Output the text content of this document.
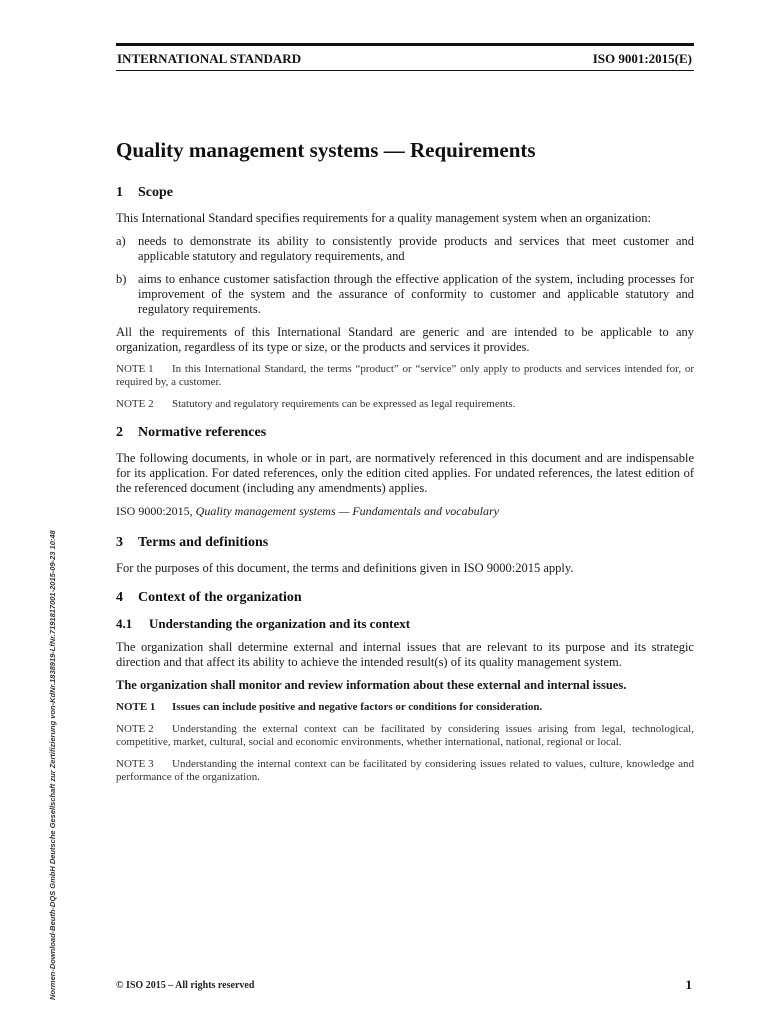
INTERNATIONAL STANDARD	ISO 9001:2015(E)
Normen-Download-Beuth-DQS GmbH Deutsche Gesellschaft zur Zertifizierung von-KdNr.1838919-LfNr.7191817001-2015-09-23 10:48
Quality management systems — Requirements
1 Scope

This International Standard specifies requirements for a quality management system when an organization:

a) needs to demonstrate its ability to consistently provide products and services that meet customer and applicable statutory and regulatory requirements, and
b) aims to enhance customer satisfaction through the effective application of the system, including processes for improvement of the system and the assurance of conformity to customer and applicable statutory and regulatory requirements.

All the requirements of this International Standard are generic and are intended to be applicable to any organization, regardless of its type or size, or the products and services it provides.

NOTE 1 In this International Standard, the terms “product” or “service” only apply to products and services intended for, or required by, a customer.
NOTE 2 Statutory and regulatory requirements can be expressed as legal requirements.
2 Normative references

The following documents, in whole or in part, are normatively referenced in this document and are indispensable for its application. For dated references, only the edition cited applies. For undated references, the latest edition of the referenced document (including any amendments) applies.

ISO 9000:2015, Quality management systems — Fundamentals and vocabulary
3 Terms and definitions

For the purposes of this document, the terms and definitions given in ISO 9000:2015 apply.

4 Context of the organization
4.1 Understanding the organization and its context

The organization shall determine external and internal issues that are relevant to its purpose and its strategic direction and that affect its ability to achieve the intended result(s) of its quality management system.

The organization shall monitor and review information about these external and internal issues.

NOTE 1 Issues can include positive and negative factors or conditions for consideration.
NOTE 2 Understanding the external context can be facilitated by considering issues arising from legal, technological, competitive, market, cultural, social and economic environments, whether international, national, regional or local.
NOTE 3 Understanding the internal context can be facilitated by considering issues related to values, culture, knowledge and performance of the organization.
© ISO 2015 – All rights reserved	1
